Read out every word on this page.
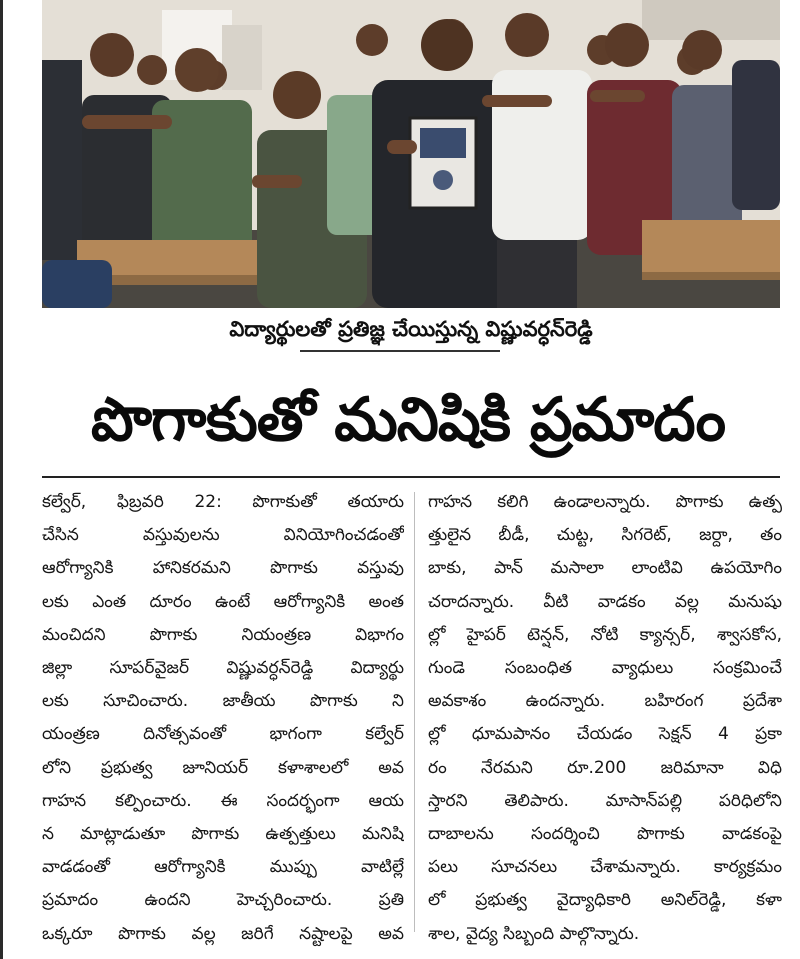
విద్యార్థులతో ప్రతిజ్ఞ చేయిస్తున్న విష్ణువర్ధన్‌రెడ్డి
పొగాకుతో మనిషికి ప్రమాదం
కల్వేర్, ఫిబ్రవరి 22: పొగాకుతో తయారు
చేసిన వస్తువులను వినియోగించడంతో
ఆరోగ్యానికి హానికరమని పొగాకు వస్తువు
లకు ఎంత దూరం ఉంటే ఆరోగ్యానికి అంత
మంచిదని పొగాకు నియంత్రణ విభాగం
జిల్లా సూపర్‌వైజర్ విష్ణువర్ధన్‌రెడ్డి విద్యార్థు
లకు సూచించారు. జాతీయ పొగాకు ని
యంత్రణ దినోత్సవంతో భాగంగా కల్వేర్
లోని ప్రభుత్వ జూనియర్ కళాశాలలో అవ
గాహన కల్పించారు. ఈ సందర్భంగా ఆయ
న మాట్లాడుతూ పొగాకు ఉత్పత్తులు మనిషి
వాడడంతో ఆరోగ్యానికి ముప్పు వాటిల్లే
ప్రమాదం ఉందని హెచ్చరించారు. ప్రతి
ఒక్కరూ పొగాకు వల్ల జరిగే నష్టాలపై అవ
గాహన కలిగి ఉండాలన్నారు. పొగాకు ఉత్ప
త్తులైన బీడీ, చుట్ట, సిగరెట్, జర్దా, తం
బాకు, పాన్ మసాలా లాంటివి ఉపయోగిం
చరాదన్నారు. వీటి వాడకం వల్ల మనుషు
ల్లో హైపర్ టెన్షన్, నోటి క్యాన్సర్, శ్వాసకోస,
గుండె సంబంధిత వ్యాధులు సంక్రమించే
అవకాశం ఉందన్నారు. బహిరంగ ప్రదేశా
ల్లో ధూమపానం చేయడం సెక్షన్ 4 ప్రకా
రం నేరమని రూ.200 జరిమానా విధి
స్తారని తెలిపారు. మాసాన్‌పల్లి పరిధిలోని
దాబాలను సందర్శించి పొగాకు వాడకంపై
పలు సూచనలు చేశామన్నారు. కార్యక్రమం
లో ప్రభుత్వ వైద్యాధికారి అనిల్‌రెడ్డి, కళా
శాల, వైద్య సిబ్బంది పాల్గొన్నారు.
